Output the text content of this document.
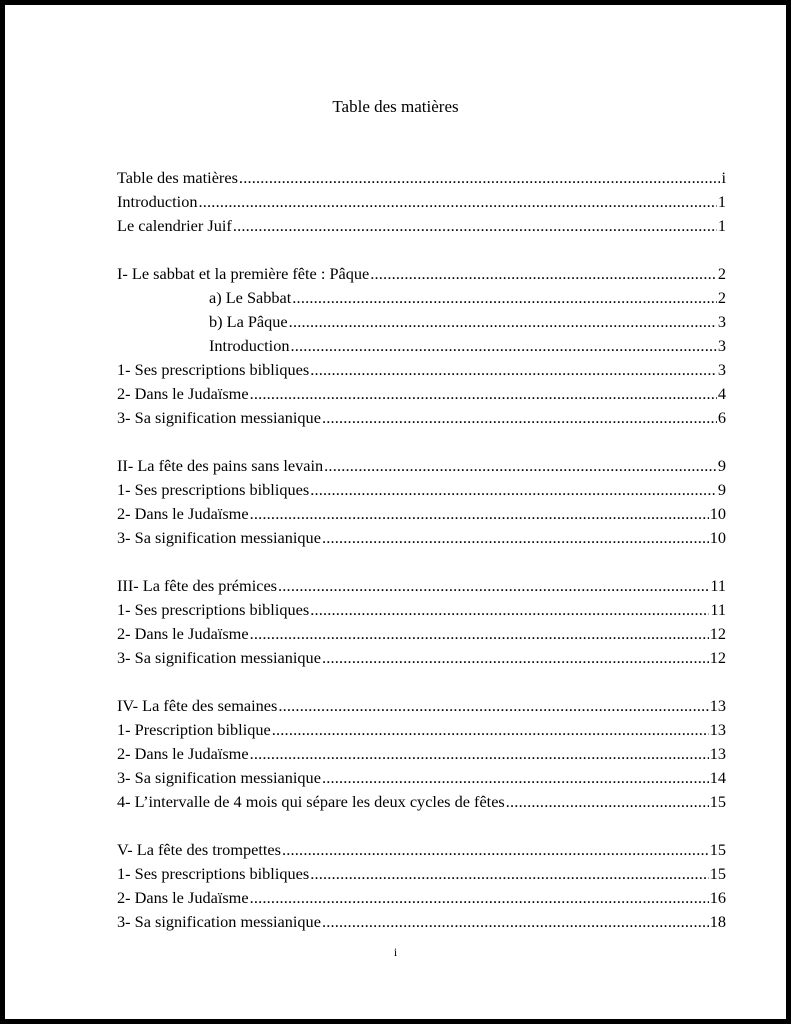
Table des matières
Table des matières .....	i
Introduction .....	1
Le calendrier Juif .....	1
I- Le sabbat et la première fête : Pâque .....	2
a) Le Sabbat .....	2
b) La Pâque .....	3
Introduction .....	3
1- Ses prescriptions bibliques .....	3
2- Dans le Judaïsme .....	4
3- Sa signification messianique .....	6
II- La fête des pains sans levain .....	9
1- Ses prescriptions bibliques .....	9
2- Dans le Judaïsme .....	10
3- Sa signification messianique .....	10
III- La fête des prémices .....	11
1- Ses prescriptions bibliques .....	11
2- Dans le Judaïsme .....	12
3- Sa signification messianique .....	12
IV- La fête des semaines .....	13
1- Prescription biblique .....	13
2- Dans le Judaïsme .....	13
3- Sa signification messianique .....	14
4- L’intervalle de 4 mois qui sépare les deux cycles de fêtes .....	15
V- La fête des trompettes .....	15
1- Ses prescriptions bibliques .....	15
2- Dans le Judaïsme .....	16
3- Sa signification messianique .....	18
i
